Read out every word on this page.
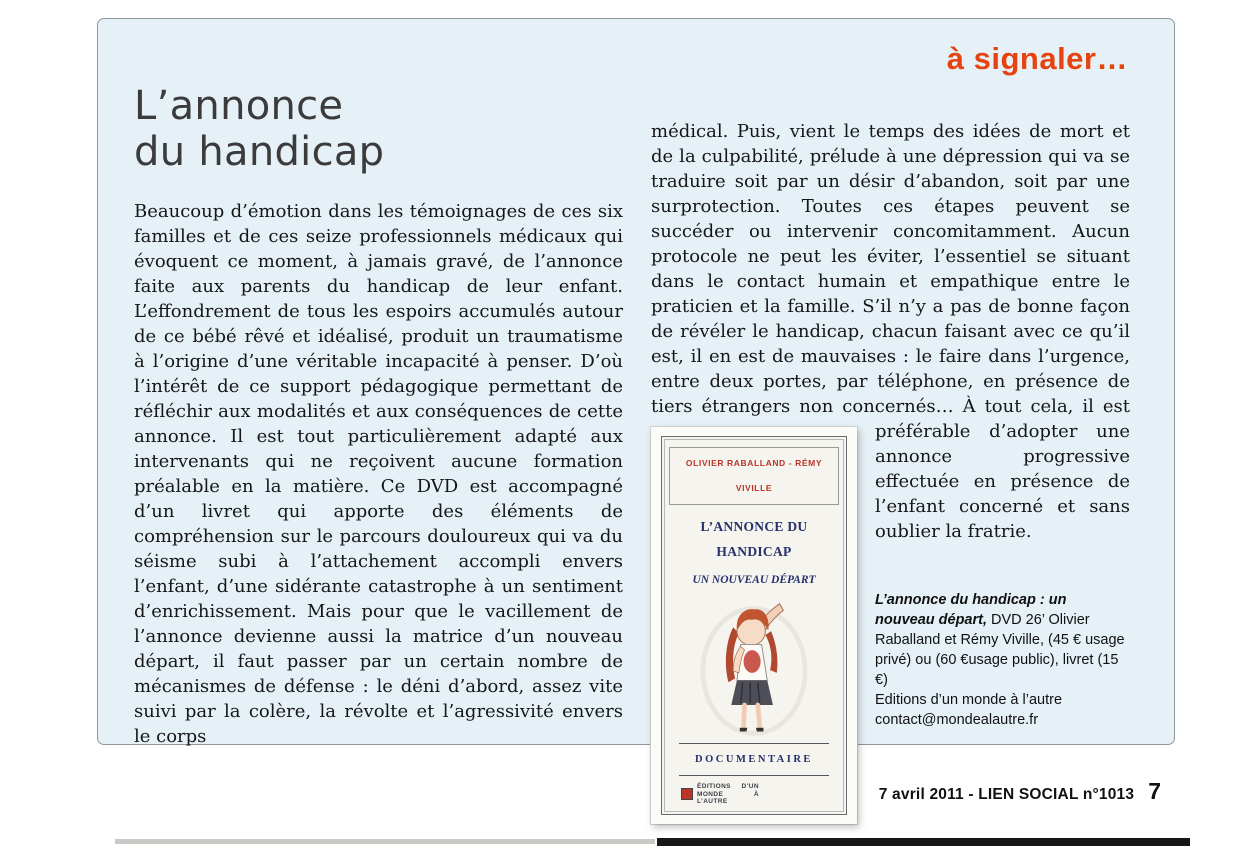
à signaler…
L’annonce
du handicap

Beaucoup d’émotion dans les témoignages de ces six familles et de ces seize professionnels médicaux qui évoquent ce moment, à jamais gravé, de l’annonce faite aux parents du handicap de leur enfant. L’effondrement de tous les espoirs accumulés autour de ce bébé rêvé et idéalisé, produit un traumatisme à l’origine d’une véritable incapacité à penser. D’où l’intérêt de ce support pédagogique permettant de réfléchir aux modalités et aux conséquences de cette annonce. Il est tout particulièrement adapté aux intervenants qui ne reçoivent aucune formation préalable en la matière. Ce DVD est accompagné d’un livret qui apporte des éléments de compréhension sur le parcours douloureux qui va du séisme subi à l’attachement accompli envers l’enfant, d’une sidérante catastrophe à un sentiment d’enrichissement. Mais pour que le vacillement de l’annonce devienne aussi la matrice d’un nouveau départ, il faut passer par un certain nombre de mécanismes de défense : le déni d’abord, assez vite suivi par la colère, la révolte et l’agressivité envers le corps

médical. Puis, vient le temps des idées de mort et de la culpabilité, prélude à une dépression qui va se traduire soit par un désir d’abandon, soit par une surprotection. Toutes ces étapes peuvent se succéder ou intervenir concomitamment. Aucun protocole ne peut les éviter, l’essentiel se situant dans le contact humain et empathique entre le praticien et la famille. S’il n’y a pas de bonne façon de révéler le handicap, chacun faisant avec ce qu’il est, il en est de mauvaises : le faire dans l’urgence, entre deux portes, par téléphone, en présence de tiers étrangers non concernés… À tout
OLIVIER RABALLAND - RÉMY VIVILLE
L’ANNONCE DU HANDICAP
UN NOUVEAU DÉPART
DOCUMENTAIRE
ÉDITIONS D’UN MONDE À L’AUTRE
cela, il est préférable d’adopter une annonce progressive effectuée en présence de l’enfant concerné et sans oublier la fratrie.

L’annonce du handicap : un nouveau départ, DVD 26’ Olivier Raballand et Rémy Viville, (45 € usage privé) ou (60 €usage public), livret (15 €)
Editions d’un monde à l’autre
contact@mondealautre.fr
7 avril 2011 - LIEN SOCIAL n°1013 7
